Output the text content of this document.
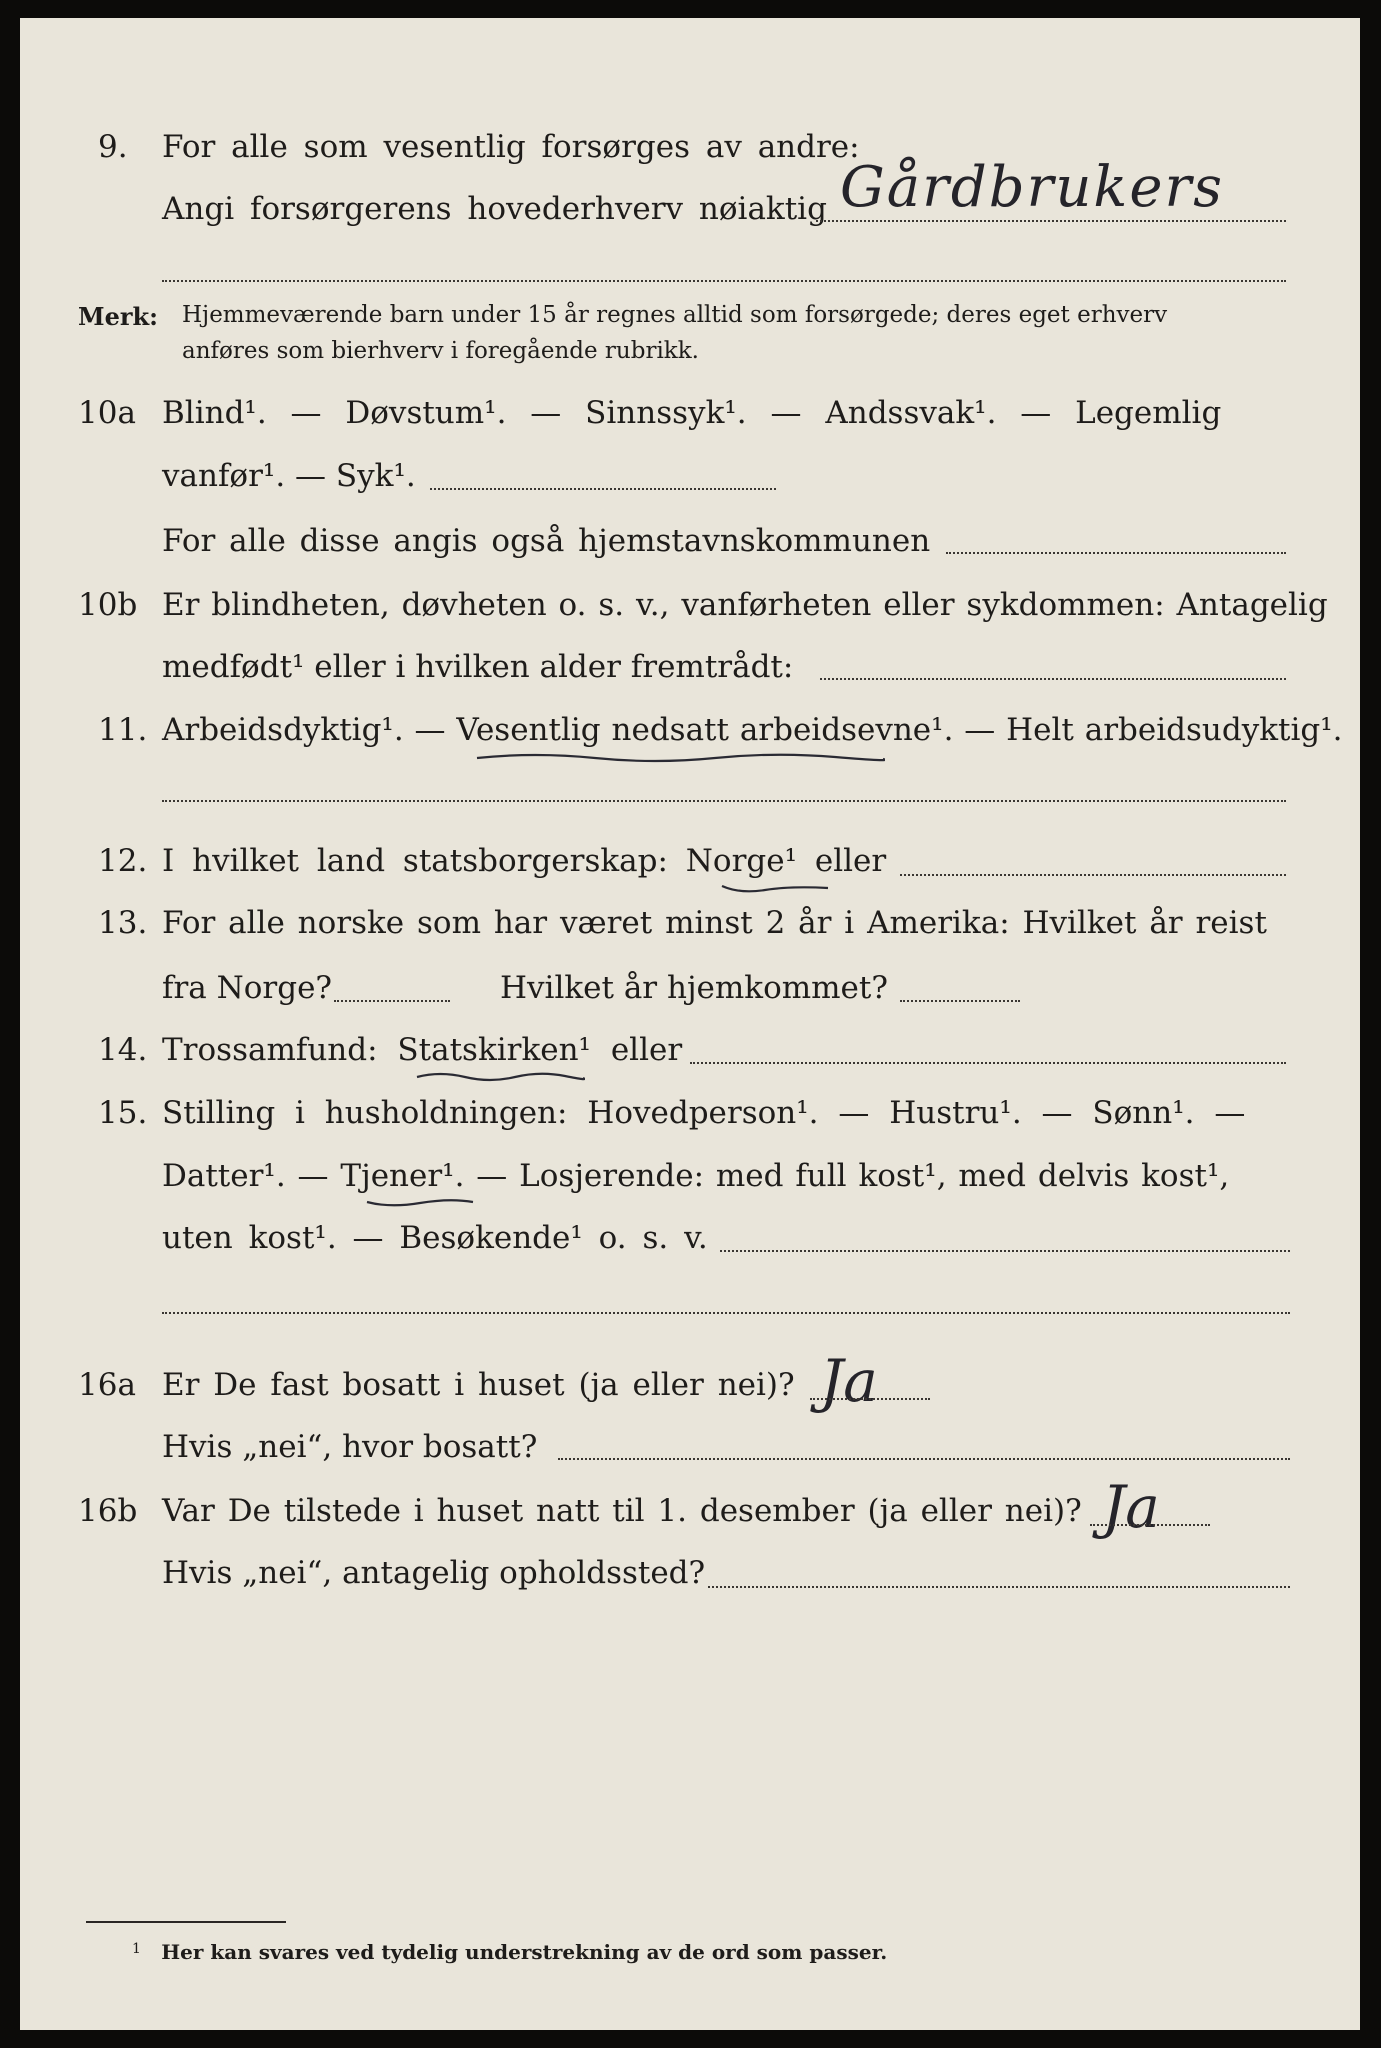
9. For alle som vesentlig forsørges av andre:
Angi forsørgerens hovederhverv nøiaktig Gårdbrukers
Merk: Hjemmeværende barn under 15 år regnes alltid som forsørgede; deres eget erhverv
anføres som bierhverv i foregående rubrikk.
10a Blind¹. — Døvstum¹. — Sinnssyk¹. — Andssvak¹. — Legemlig
vanfør¹. — Syk¹.
For alle disse angis også hjemstavnskommunen
10b Er blindheten, døvheten o. s. v., vanførheten eller sykdommen: Antagelig
medfødt¹ eller i hvilken alder fremtrådt:
11. Arbeidsdyktig¹. — Vesentlig nedsatt arbeidsevne¹. — Helt arbeidsudyktig¹.
12. I hvilket land statsborgerskap: Norge¹ eller
13. For alle norske som har været minst 2 år i Amerika: Hvilket år reist
fra Norge?	Hvilket år hjemkommet?
14. Trossamfund: Statskirken¹ eller
15. Stilling i husholdningen: Hovedperson¹. — Hustru¹. — Sønn¹. —
Datter¹. — Tjener¹. — Losjerende: med full kost¹, med delvis kost¹,
uten kost¹. — Besøkende¹ o. s. v.
16a Er De fast bosatt i huset (ja eller nei)? Ja
Hvis „nei“, hvor bosatt?
16b Var De tilstede i huset natt til 1. desember (ja eller nei)? Ja
Hvis „nei“, antagelig opholdssted?
$^1$ Her kan svares ved tydelig understrekning av de ord som passer.
